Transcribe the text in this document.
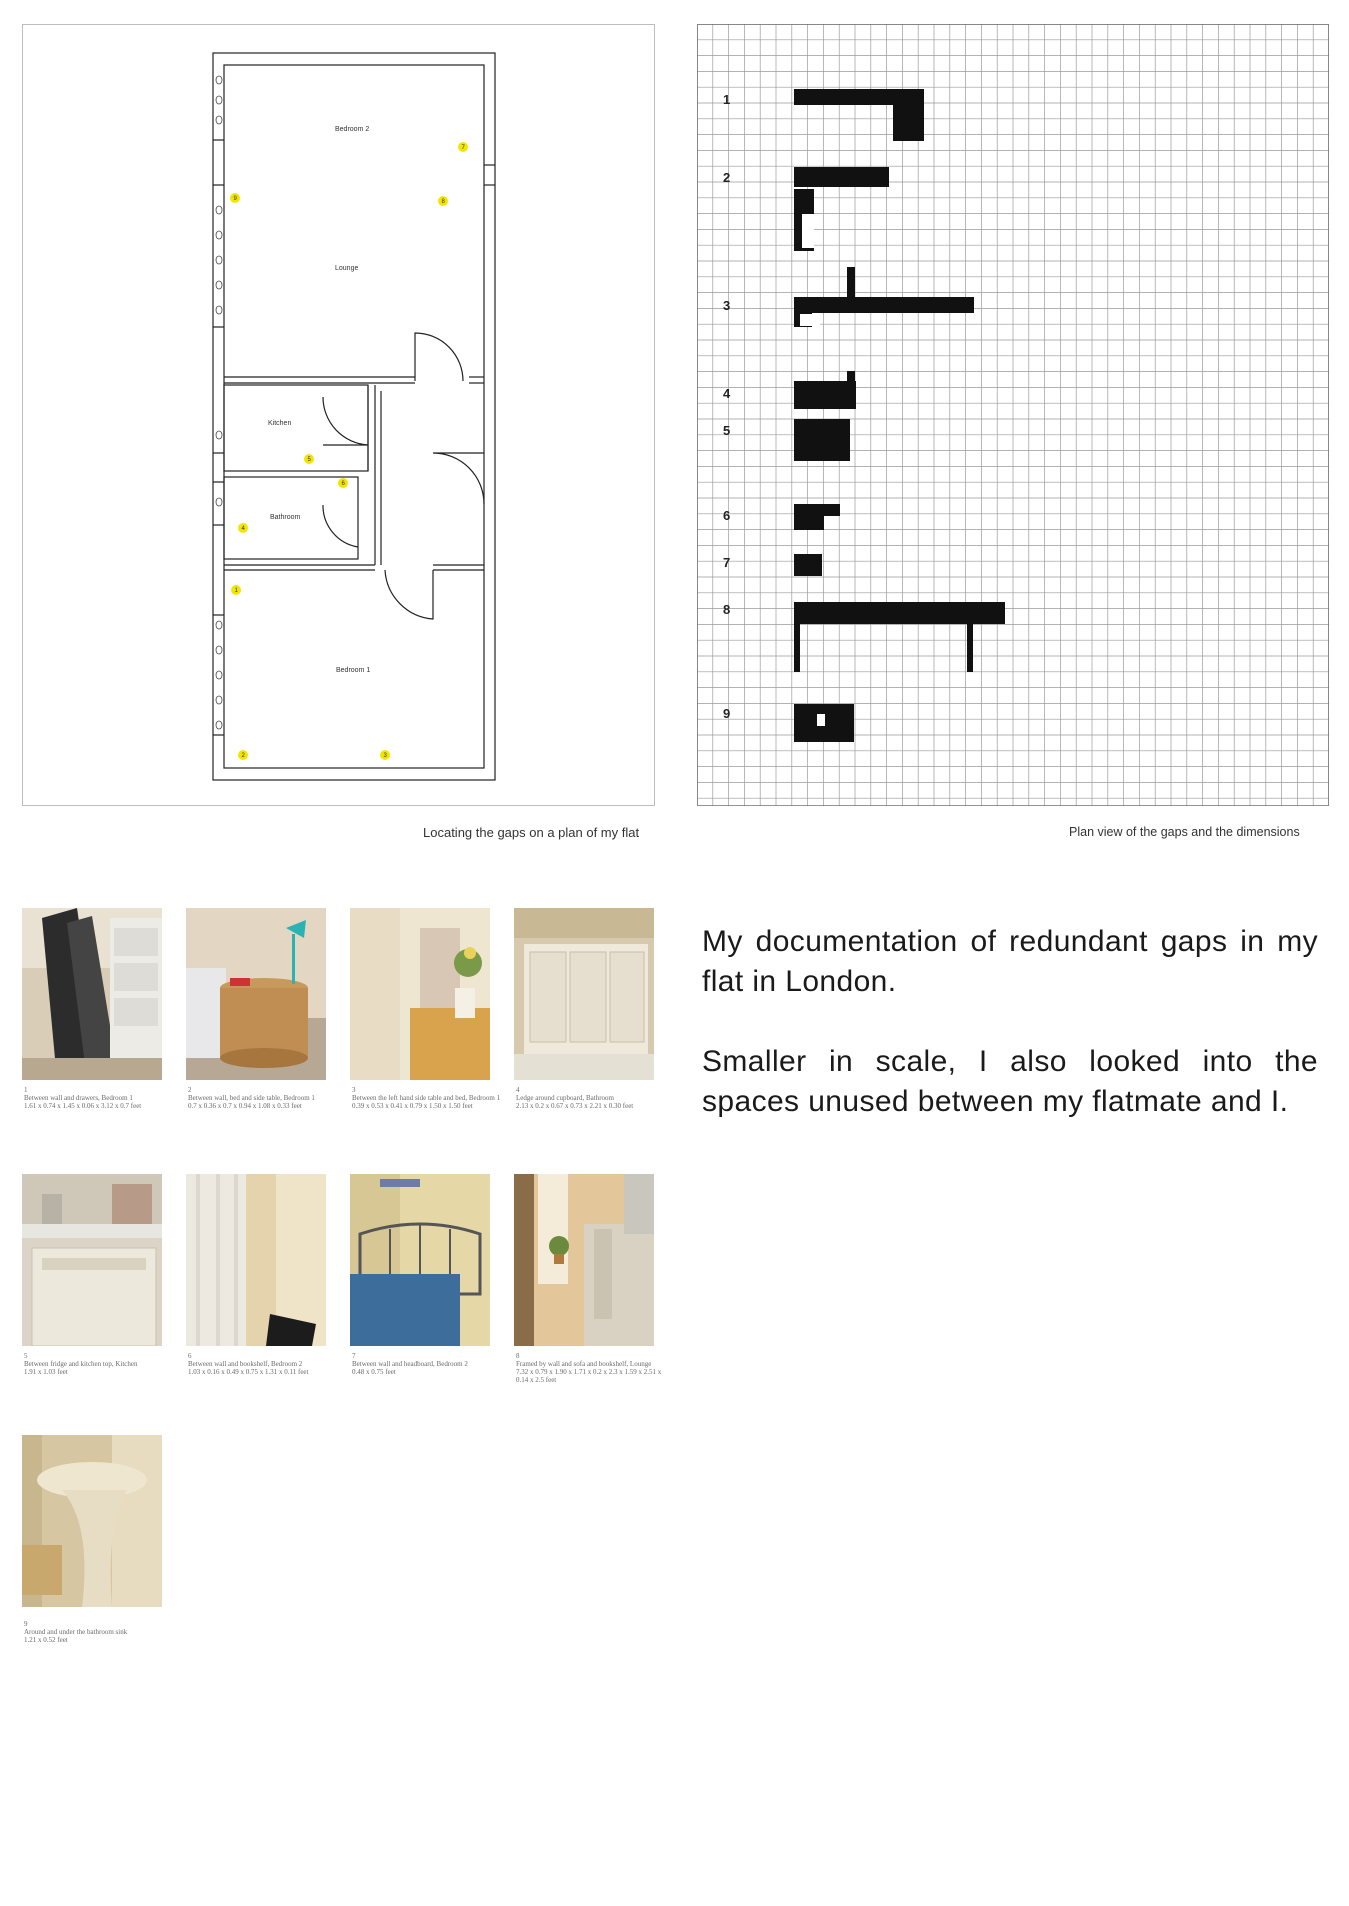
Bedroom 2
Lounge
Kitchen
Bathroom
Bedroom 1
1
2	3
4
5
6
7
8
9
Locating the gaps on a plan of my flat
1
2
3
4
5
6
7
8
9
Plan view of the gaps and the dimensions

My documentation of redundant gaps in my flat in London.

Smaller in scale, I also looked into the spaces unused between my flatmate and I.

1
Between wall and drawers, Bedroom 1
1.61 x 0.74 x 1.45 x 0.06 x 3.12 x 0.7 feet
2
Between wall, bed and side table, Bedroom 1
0.7 x 0.36 x 0.7 x 0.94 x 1.08 x 0.33 feet
3
Between the left hand side table and bed, Bedroom 1
0.39 x 0.53 x 0.41 x 0.79 x 1.50 x 1.50 feet
4
Ledge around cupboard, Bathroom
2.13 x 0.2 x 0.67 x 0.73 x 2.21 x 0.30 feet
5
Between fridge and kitchen top, Kitchen
1.91 x 1.03 feet
6
Between wall and bookshelf, Bedroom 2
1.03 x 0.16 x 0.49 x 0.75 x 1.31 x 0.11 feet
7
Between wall and headboard, Bedroom 2
0.48 x 0.75 feet
8
Framed by wall and sofa and bookshelf, Lounge
7.32 x 0.79 x 1.90 x 1.71 x 0.2 x 2.3 x 1.59 x 2.51 x 0.14 x 2.5 feet
9
Around and under the bathroom sink
1.21 x 0.52 feet
